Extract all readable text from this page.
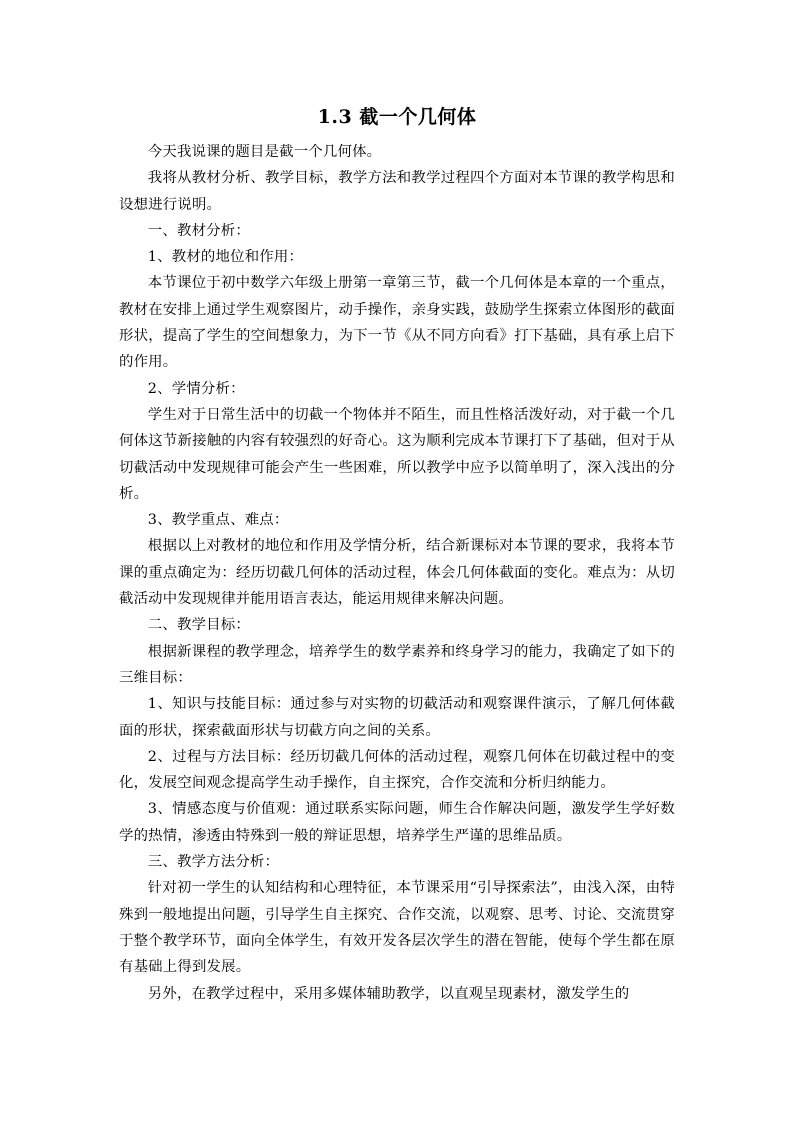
1.3 截一个几何体

今天我说课的题目是截一个几何体。

我将从教材分析、教学目标，教学方法和教学过程四个方面对本节课的教学构思和设想进行说明。

一、教材分析：

1、教材的地位和作用：

本节课位于初中数学六年级上册第一章第三节，截一个几何体是本章的一个重点，教材在安排上通过学生观察图片，动手操作，亲身实践，鼓励学生探索立体图形的截面形状，提高了学生的空间想象力，为下一节《从不同方向看》打下基础，具有承上启下的作用。

2、学情分析：

学生对于日常生活中的切截一个物体并不陌生，而且性格活泼好动，对于截一个几何体这节新接触的内容有较强烈的好奇心。这为顺利完成本节课打下了基础，但对于从切截活动中发现规律可能会产生一些困难，所以教学中应予以简单明了，深入浅出的分析。

3、教学重点、难点：

根据以上对教材的地位和作用及学情分析，结合新课标对本节课的要求，我将本节课的重点确定为：经历切截几何体的活动过程，体会几何体截面的变化。难点为：从切截活动中发现规律并能用语言表达，能运用规律来解决问题。

二、教学目标：

根据新课程的教学理念，培养学生的数学素养和终身学习的能力，我确定了如下的三维目标：

1、知识与技能目标：通过参与对实物的切截活动和观察课件演示，了解几何体截面的形状，探索截面形状与切截方向之间的关系。

2、过程与方法目标：经历切截几何体的活动过程，观察几何体在切截过程中的变化，发展空间观念提高学生动手操作，自主探究，合作交流和分析归纳能力。

3、情感态度与价值观：通过联系实际问题，师生合作解决问题，激发学生学好数学的热情，渗透由特殊到一般的辩证思想，培养学生严谨的思维品质。

三、教学方法分析：

针对初一学生的认知结构和心理特征，本节课采用“引导探索法”，由浅入深，由特殊到一般地提出问题，引导学生自主探究、合作交流，以观察、思考、讨论、交流贯穿于整个教学环节，面向全体学生，有效开发各层次学生的潜在智能，使每个学生都在原有基础上得到发展。

另外，在教学过程中，采用多媒体辅助教学，以直观呈现素材，激发学生的
